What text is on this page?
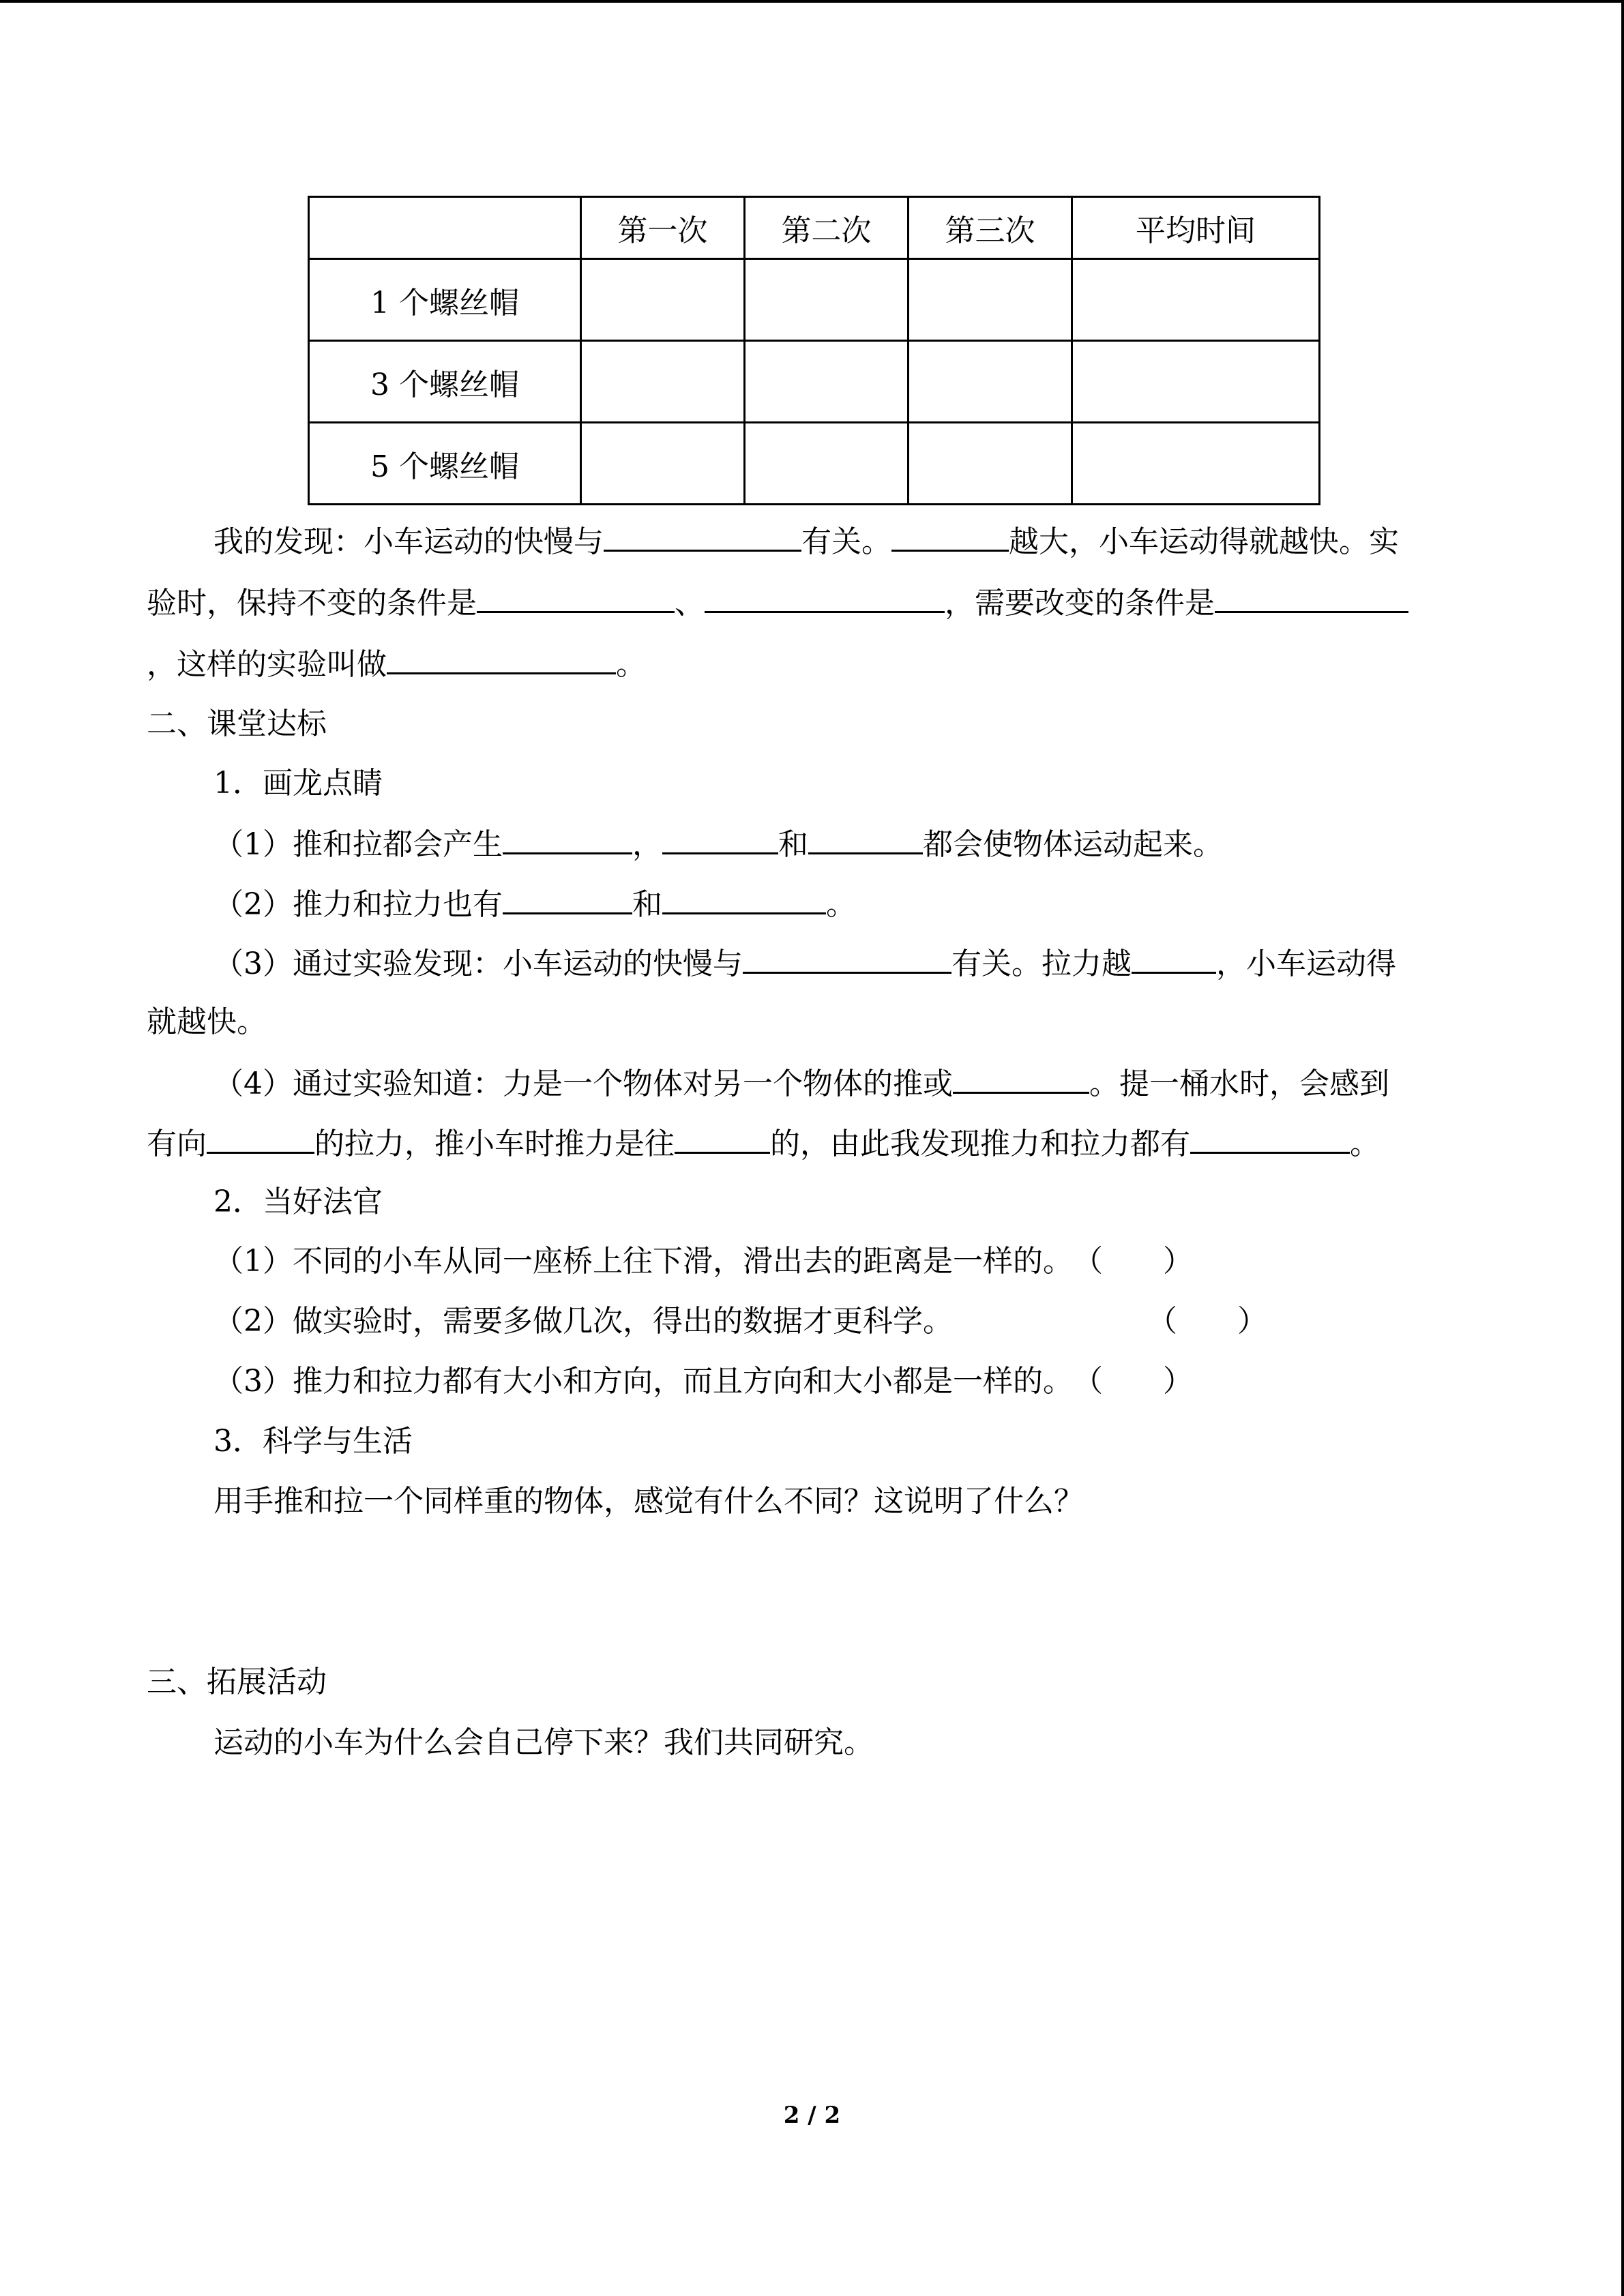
	第一次	第二次	第三次	平均时间
1 个螺丝帽				
3 个螺丝帽				
5 个螺丝帽				
我的发现：小车运动的快慢与	有关。	越大，小车运动得就越快。实
验时，保持不变的条件是	、	，需要改变的条件是
，这样的实验叫做	。
二、课堂达标
1．画龙点睛
（1）推和拉都会产生	，	和	都会使物体运动起来。
（2）推力和拉力也有	和	。
（3）通过实验发现：小车运动的快慢与	有关。拉力越	，小车运动得
就越快。
（4）通过实验知道：力是一个物体对另一个物体的推或	。提一桶水时，会感到
有向	的拉力，推小车时推力是往	的，由此我发现推力和拉力都有	。
2．当好法官
（1）不同的小车从同一座桥上往下滑，滑出去的距离是一样的。（　　）
（2）做实验时，需要多做几次，得出的数据才更科学。	（　　）
（3）推力和拉力都有大小和方向，而且方向和大小都是一样的。（　　）
3．科学与生活
用手推和拉一个同样重的物体，感觉有什么不同？这说明了什么？
三、拓展活动
运动的小车为什么会自己停下来？我们共同研究。
2 / 2
